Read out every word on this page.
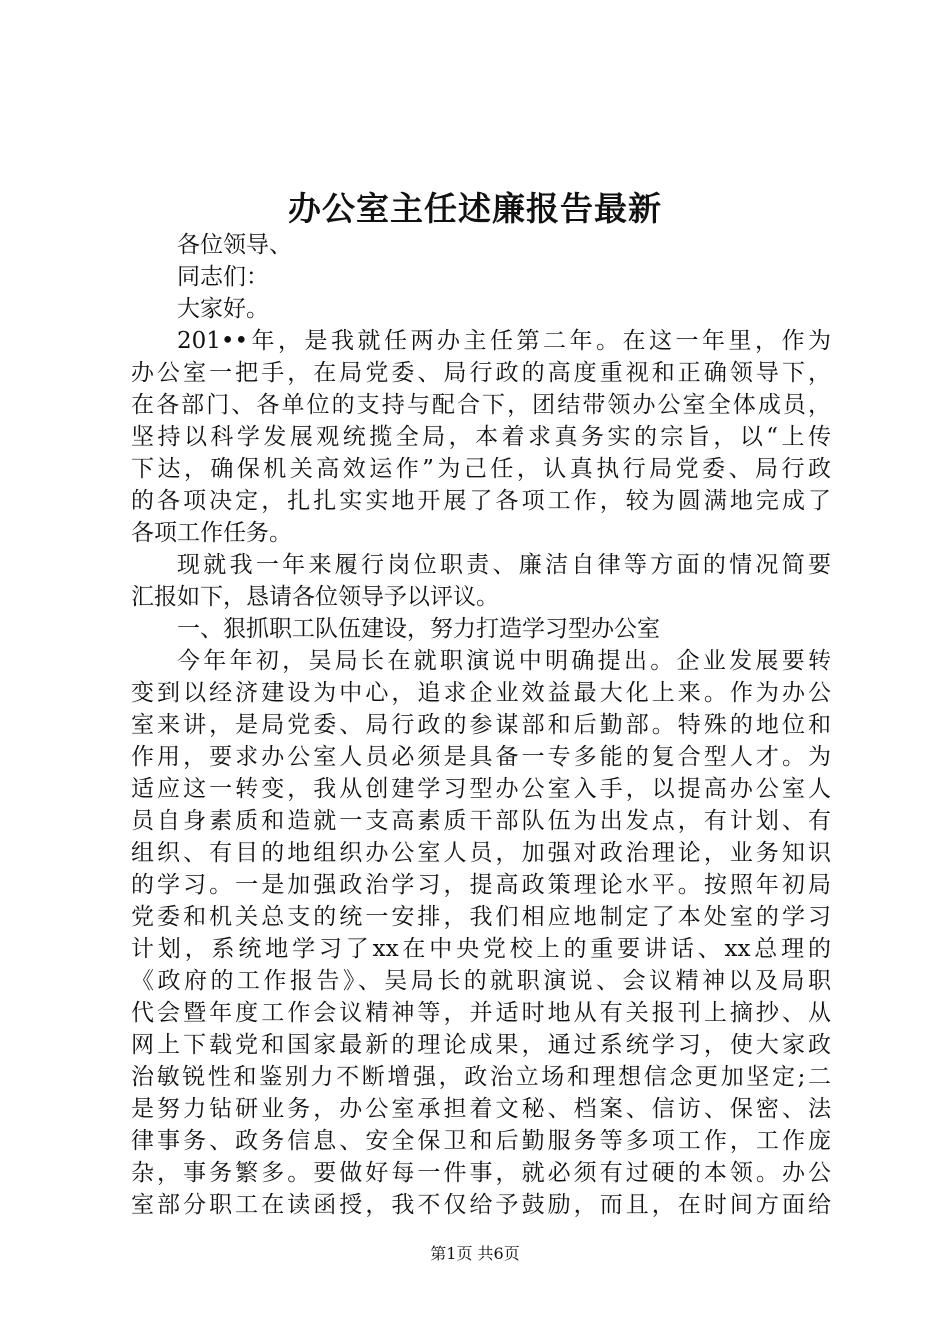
办公室主任述廉报告最新
各位领导、
同志们：
大家好。
201••年，是我就任两办主任第二年。在这一年里，作为
办公室一把手，在局党委、局行政的高度重视和正确领导下，
在各部门、各单位的支持与配合下，团结带领办公室全体成员，
坚持以科学发展观统揽全局，本着求真务实的宗旨，以“上传
下达，确保机关高效运作”为己任，认真执行局党委、局行政
的各项决定，扎扎实实地开展了各项工作，较为圆满地完成了
各项工作任务。
现就我一年来履行岗位职责、廉洁自律等方面的情况简要
汇报如下，恳请各位领导予以评议。
一、狠抓职工队伍建设，努力打造学习型办公室
今年年初，吴局长在就职演说中明确提出。企业发展要转
变到以经济建设为中心，追求企业效益最大化上来。作为办公
室来讲，是局党委、局行政的参谋部和后勤部。特殊的地位和
作用，要求办公室人员必须是具备一专多能的复合型人才。为
适应这一转变，我从创建学习型办公室入手，以提高办公室人
员自身素质和造就一支高素质干部队伍为出发点，有计划、有
组织、有目的地组织办公室人员，加强对政治理论，业务知识
的学习。一是加强政治学习，提高政策理论水平。按照年初局
党委和机关总支的统一安排，我们相应地制定了本处室的学习
计划，系统地学习了xx在中央党校上的重要讲话、xx总理的
《政府的工作报告》、吴局长的就职演说、会议精神以及局职
代会暨年度工作会议精神等，并适时地从有关报刊上摘抄、从
网上下载党和国家最新的理论成果，通过系统学习，使大家政
治敏锐性和鉴别力不断增强，政治立场和理想信念更加坚定;二
是努力钻研业务，办公室承担着文秘、档案、信访、保密、法
律事务、政务信息、安全保卫和后勤服务等多项工作，工作庞
杂，事务繁多。要做好每一件事，就必须有过硬的本领。办公
室部分职工在读函授，我不仅给予鼓励，而且，在时间方面给
第1页 共6页
